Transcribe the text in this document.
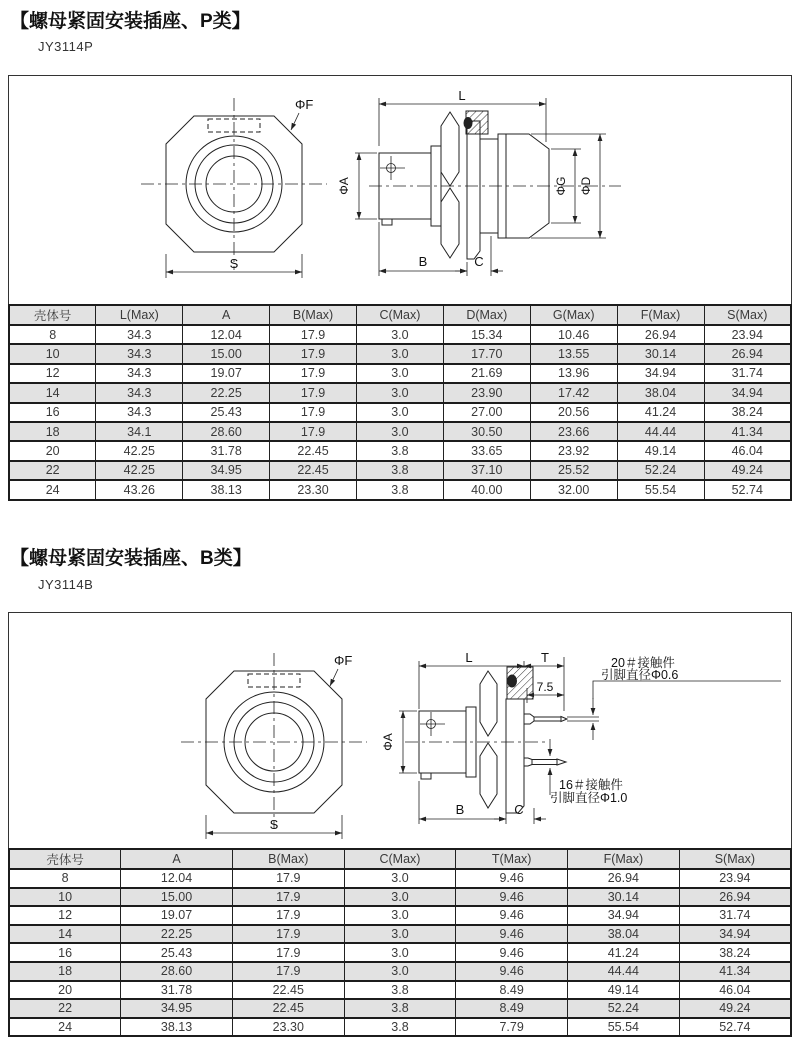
【螺母紧固安装插座、P类】
JY3114P
ΦF
S
L
ΦA	ΦG ΦD
B	C
壳体号	L(Max)	A	B(Max)	C(Max)	D(Max)	G(Max)	F(Max)	S(Max)
8	34.3	12.04	17.9	3.0	15.34	10.46	26.94	23.94
10	34.3	15.00	17.9	3.0	17.70	13.55	30.14	26.94
12	34.3	19.07	17.9	3.0	21.69	13.96	34.94	31.74
14	34.3	22.25	17.9	3.0	23.90	17.42	38.04	34.94
16	34.3	25.43	17.9	3.0	27.00	20.56	41.24	38.24
18	34.1	28.60	17.9	3.0	30.50	23.66	44.44	41.34
20	42.25	31.78	22.45	3.8	33.65	23.92	49.14	46.04
22	42.25	34.95	22.45	3.8	37.10	25.52	52.24	49.24
24	43.26	38.13	23.30	3.8	40.00	32.00	55.54	52.74
【螺母紧固安装插座、B类】
JY3114B
ΦF
S
L	T
7.5
20＃接触件
引脚直径Φ0.6
16＃接触件
引脚直径Φ1.0
ΦA
B	C
壳体号	A	B(Max)	C(Max)	T(Max)	F(Max)	S(Max)
8	12.04	17.9	3.0	9.46	26.94	23.94
10	15.00	17.9	3.0	9.46	30.14	26.94
12	19.07	17.9	3.0	9.46	34.94	31.74
14	22.25	17.9	3.0	9.46	38.04	34.94
16	25.43	17.9	3.0	9.46	41.24	38.24
18	28.60	17.9	3.0	9.46	44.44	41.34
20	31.78	22.45	3.8	8.49	49.14	46.04
22	34.95	22.45	3.8	8.49	52.24	49.24
24	38.13	23.30	3.8	7.79	55.54	52.74
